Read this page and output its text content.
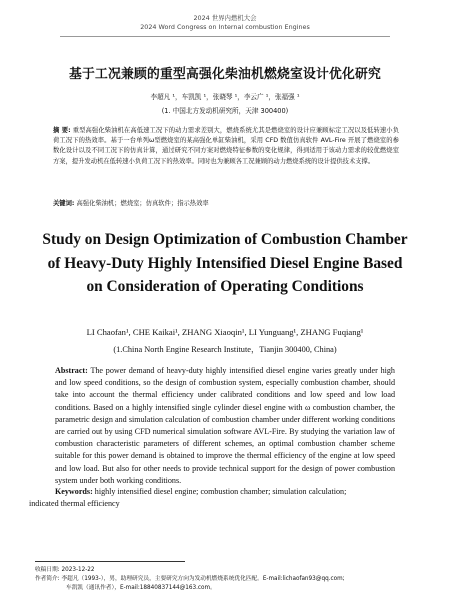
2024 世界内燃机大会
2024 Word Congress on Internal combustion Engines
基于工况兼顾的重型高强化柴油机燃烧室设计优化研究
李超凡 ¹，车凯凯 ¹，张晓琴 ¹，李云广 ¹，张福强 ¹
(1. 中国北方发动机研究所，天津 300400)
摘 要: 重型高强化柴油机在高低速工况下的动力需求差别大，燃烧系统尤其是燃烧室的设计应兼顾标定工况以及低转速小负荷工况下的热效率。基于一台单列ω型燃烧室的某高强化单缸柴油机，采用 CFD 数值仿真软件 AVL-Fire 开展了燃烧室的参数化设计以及不同工况下的仿真计算，通过研究不同方案对燃烧特征参数的变化规律，得到适用于该动力需求的较优燃烧室方案，提升发动机在低转速小负荷工况下的热效率。同时也为兼顾各工况兼顾的动力燃烧系统的设计提供技术支撑。
关键词: 高强化柴油机；燃烧室；仿真软件；指示热效率
Study on Design Optimization of Combustion Chamber of Heavy-Duty Highly Intensified Diesel Engine Based on Consideration of Operating Conditions
LI Chaofan¹, CHE Kaikai¹, ZHANG Xiaoqin¹, LI Yunguang¹, ZHANG Fuqiang¹
(1.China North Engine Research Institute，Tianjin 300400, China)
Abstract: The power demand of heavy-duty highly intensified diesel engine varies greatly under high and low speed conditions, so the design of combustion system, especially combustion chamber, should take into account the thermal efficiency under calibrated conditions and low speed and low load conditions. Based on a highly intensified single cylinder diesel engine with ω combustion chamber, the parametric design and simulation calculation of combustion chamber under different working conditions are carried out by using CFD numerical simulation software AVL-Fire. By studying the variation law of combustion characteristic parameters of different schemes, an optimal combustion chamber scheme suitable for this power demand is obtained to improve the thermal efficiency of the engine at low speed and low load. But also for other needs to provide technical support for the design of power combustion system under both working conditions.
Keywords: highly intensified diesel engine; combustion chamber; simulation calculation; indicated thermal efficiency
收稿日期: 2023-12-22
作者简介: 李超凡（1993-），男，助理研究员，主要研究方向为发动机燃烧系统优化匹配。E-mail:lichaofan93@qq.com;
车凯凯（通讯作者），E-mail:18840837144@163.com。
